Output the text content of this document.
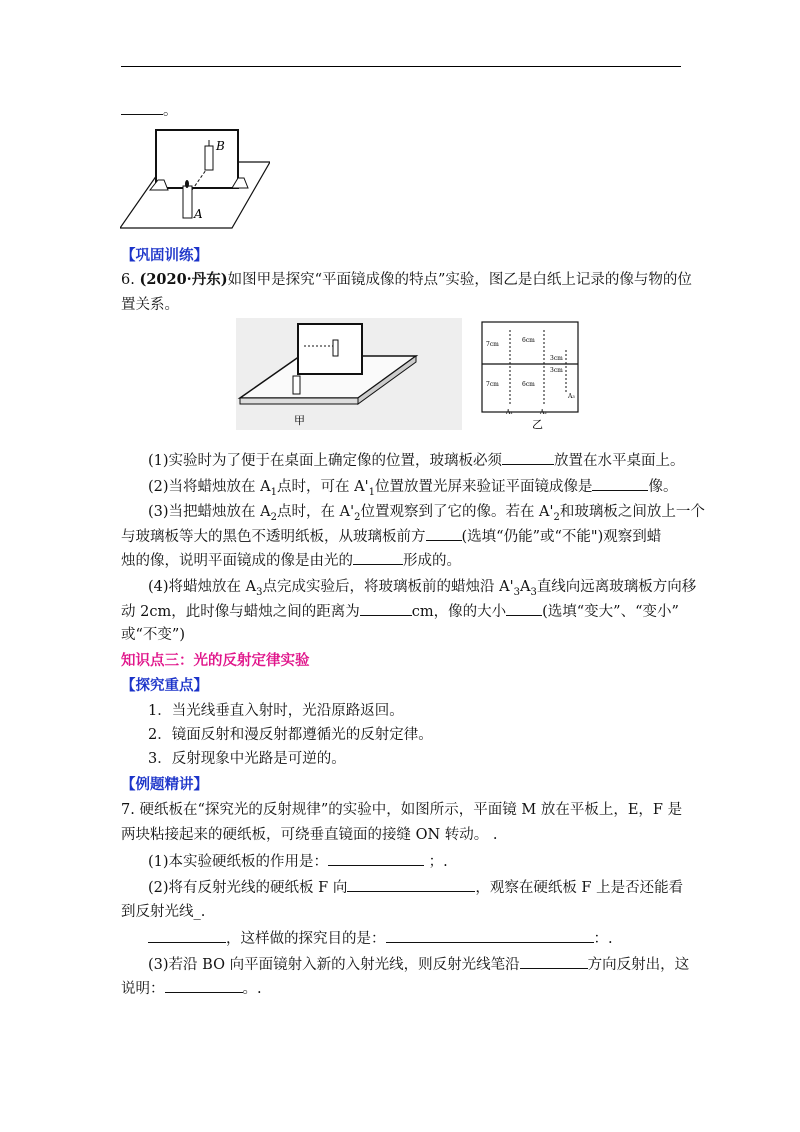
。
B
A
【巩固训练】
6. (2020·丹东)如图甲是探究“平面镜成像的特点”实验，图乙是白纸上记录的像与物的位
置关系。
甲
7cm
6cm
3cm
7cm	6cm
3cm
A₁	A₂
A₃
乙
(1)实验时为了便于在桌面上确定像的位置，玻璃板必须	放置在水平桌面上。
(2)当将蜡烛放在 $A_1$点时，可在 $A'_1$位置放置光屏来验证平面镜成像是	像。
(3)当把蜡烛放在 $A_2$点时，在 $A'_2$位置观察到了它的像。若在 $A'_2$和玻璃板之间放上一个
与玻璃板等大的黑色不透明纸板，从玻璃板前方 (选填“仍能”或“不能")观察到蜡
烛的像，说明平面镜成的像是由光的	形成的。
(4)将蜡烛放在 $A_3$点完成实验后，将玻璃板前的蜡烛沿 $A'_3A_3$直线向远离玻璃板方向移
动 2cm，此时像与蜡烛之间的距离为	cm，像的大小 (选填“变大”、“变小”
或“不变”)
知识点三：光的反射定律实验
【探究重点】
1．当光线垂直入射时，光沿原路返回。
2．镜面反射和漫反射都遵循光的反射定律。
3．反射现象中光路是可逆的。
【例题精讲】
7. 硬纸板在“探究光的反射规律”的实验中，如图所示，平面镜 M 放在平板上，E，F 是
两块粘接起来的硬纸板，可绕垂直镜面的接缝 ON 转动。 .
(1)本实验硬纸板的作用是：	；.
(2)将有反射光线的硬纸板 F 向	，观察在硬纸板 F 上是否还能看
到反射光线_.
，这样做的探究目的是：	：.
(3)若沿 BO 向平面镜射入新的入射光线，则反射光线笔沿	方向反射出，这
说明：	。.
